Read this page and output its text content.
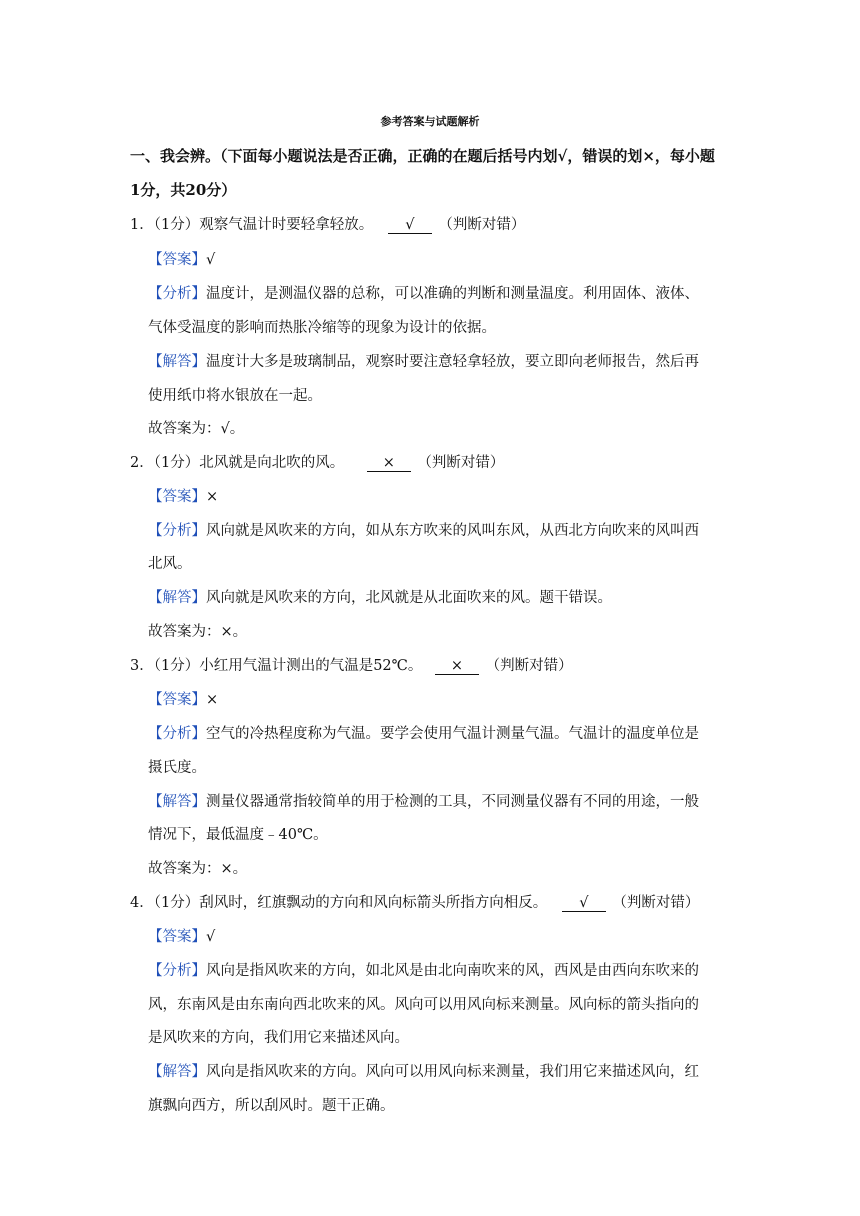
参考答案与试题解析
一、我会辨。（下面每小题说法是否正确，正确的在题后括号内划√，错误的划×，每小题
1分，共20分）
1．（1分）观察气温计时要轻拿轻放。 √ （判断对错）
【答案】√
【分析】温度计，是测温仪器的总称，可以准确的判断和测量温度。利用固体、液体、
气体受温度的影响而热胀冷缩等的现象为设计的依据。
【解答】温度计大多是玻璃制品，观察时要注意轻拿轻放，要立即向老师报告，然后再
使用纸巾将水银放在一起。
故答案为：√。
2．（1分）北风就是向北吹的风。	× （判断对错）
【答案】×
【分析】风向就是风吹来的方向，如从东方吹来的风叫东风，从西北方向吹来的风叫西
北风。
【解答】风向就是风吹来的方向，北风就是从北面吹来的风。题干错误。
故答案为：×。
3．（1分）小红用气温计测出的气温是52℃。 × （判断对错）
【答案】×
【分析】空气的冷热程度称为气温。要学会使用气温计测量气温。气温计的温度单位是
摄氏度。
【解答】测量仪器通常指较简单的用于检测的工具，不同测量仪器有不同的用途，一般
情况下，最低温度﹣40℃。
故答案为：×。
4．（1分）刮风时，红旗飘动的方向和风向标箭头所指方向相反。 √ （判断对错）
【答案】√
【分析】风向是指风吹来的方向，如北风是由北向南吹来的风，西风是由西向东吹来的
风，东南风是由东南向西北吹来的风。风向可以用风向标来测量。风向标的箭头指向的
是风吹来的方向，我们用它来描述风向。
【解答】风向是指风吹来的方向。风向可以用风向标来测量，我们用它来描述风向，红
旗飘向西方，所以刮风时。题干正确。
